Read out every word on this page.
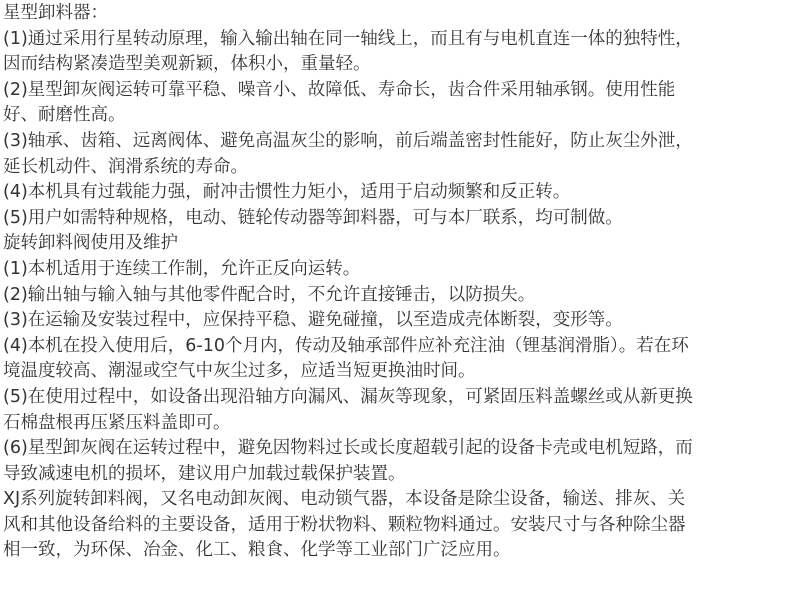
星型卸料器：
(1)通过采用行星转动原理，输入输出轴在同一轴线上，而且有与电机直连一体的独特性，
因而结构紧凑造型美观新颖，体积小，重量轻。
(2)星型卸灰阀运转可靠平稳、噪音小、故障低、寿命长，齿合件采用轴承钢。使用性能
好、耐磨性高。
(3)轴承、齿箱、远离阀体、避免高温灰尘的影响，前后端盖密封性能好，防止灰尘外泄，
延长机动件、润滑系统的寿命。
(4)本机具有过载能力强，耐冲击惯性力矩小，适用于启动频繁和反正转。
(5)用户如需特种规格，电动、链轮传动器等卸料器，可与本厂联系，均可制做。
旋转卸料阀使用及维护
(1)本机适用于连续工作制，允许正反向运转。
(2)输出轴与输入轴与其他零件配合时，不允许直接锤击，以防损失。
(3)在运输及安装过程中，应保持平稳、避免碰撞，以至造成壳体断裂，变形等。
(4)本机在投入使用后，6-10个月内，传动及轴承部件应补充注油（锂基润滑脂）。若在环
境温度较高、潮湿或空气中灰尘过多，应适当短更换油时间。
(5)在使用过程中，如设备出现沿轴方向漏风、漏灰等现象，可紧固压料盖螺丝或从新更换
石棉盘根再压紧压料盖即可。
(6)星型卸灰阀在运转过程中，避免因物料过长或长度超载引起的设备卡壳或电机短路，而
导致减速电机的损坏，建议用户加载过载保护装置。
XJ系列旋转卸料阀，又名电动卸灰阀、电动锁气器，本设备是除尘设备，输送、排灰、关
风和其他设备给料的主要设备，适用于粉状物料、颗粒物料通过。安装尺寸与各种除尘器
相一致，为环保、冶金、化工、粮食、化学等工业部门广泛应用。
